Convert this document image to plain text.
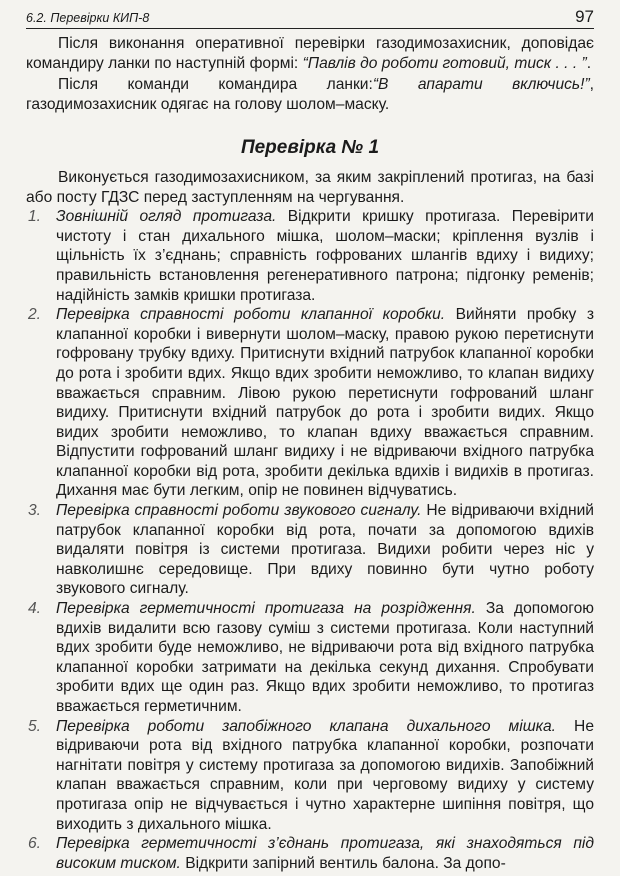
6.2. Перевірки КИП-8	97

Після виконання оперативної перевірки газодимозахисник, доповідає командиру ланки по наступній формі: “Павлів до роботи готовий, тиск . . . ”.

Після команди командира ланки:“В апарати включись!”, газодимозахисник одягає на голову шолом–маску.

Перевірка № 1

Виконується газодимозахисником, за яким закріплений протигаз, на базі або посту ГДЗС перед заступленням на чергування.

1. Зовнішній огляд протигаза. Відкрити кришку протигаза. Перевірити чистоту і стан дихального мішка, шолом–маски; кріплення вузлів і щільність їх з’єднань; справність гофрованих шлангів вдиху і видиху; правильність встановлення регенеративного патрона; підгонку ременів; надійність замків кришки протигаза.
2. Перевірка справності роботи клапанної коробки. Вийняти пробку з клапанної коробки і вивернути шолом–маску, правою рукою перетиснути гофровану трубку вдиху. Притиснути вхідний патрубок клапанної коробки до рота і зробити вдих. Якщо вдих зробити неможливо, то клапан видиху вважається справним. Лівою рукою перетиснути гофрований шланг видиху. Притиснути вхідний патрубок до рота і зробити видих. Якщо видих зробити неможливо, то клапан вдиху вважається справним. Відпустити гофрований шланг видиху і не відриваючи вхідного патрубка клапанної коробки від рота, зробити декілька вдихів і видихів в протигаз. Дихання має бути легким, опір не повинен відчуватись.
3. Перевірка справності роботи звукового сигналу. Не відриваючи вхідний патрубок клапанної коробки від рота, почати за допомогою вдихів видаляти повітря із системи протигаза. Видихи робити через ніс у навколишнє середовище. При вдиху повинно бути чутно роботу звукового сигналу.
4. Перевірка герметичності протигаза на розрідження. За допомогою вдихів видалити всю газову суміш з системи протигаза. Коли наступний вдих зробити буде неможливо, не відриваючи рота від вхідного патрубка клапанної коробки затримати на декілька секунд дихання. Спробувати зробити вдих ще один раз. Якщо вдих зробити неможливо, то протигаз вважається герметичним.
5. Перевірка роботи запобіжного клапана дихального мішка. Не відриваючи рота від вхідного патрубка клапанної коробки, розпочати нагнітати повітря у систему протигаза за допомогою видихів. Запобіжний клапан вважається справним, коли при черговому видиху у систему протигаза опір не відчувається і чутно характерне шипіння повітря, що виходить з дихального мішка.
6. Перевірка герметичності з’єднань протигаза, які знаходяться під високим тиском. Відкрити запірний вентиль балона. За допо-
